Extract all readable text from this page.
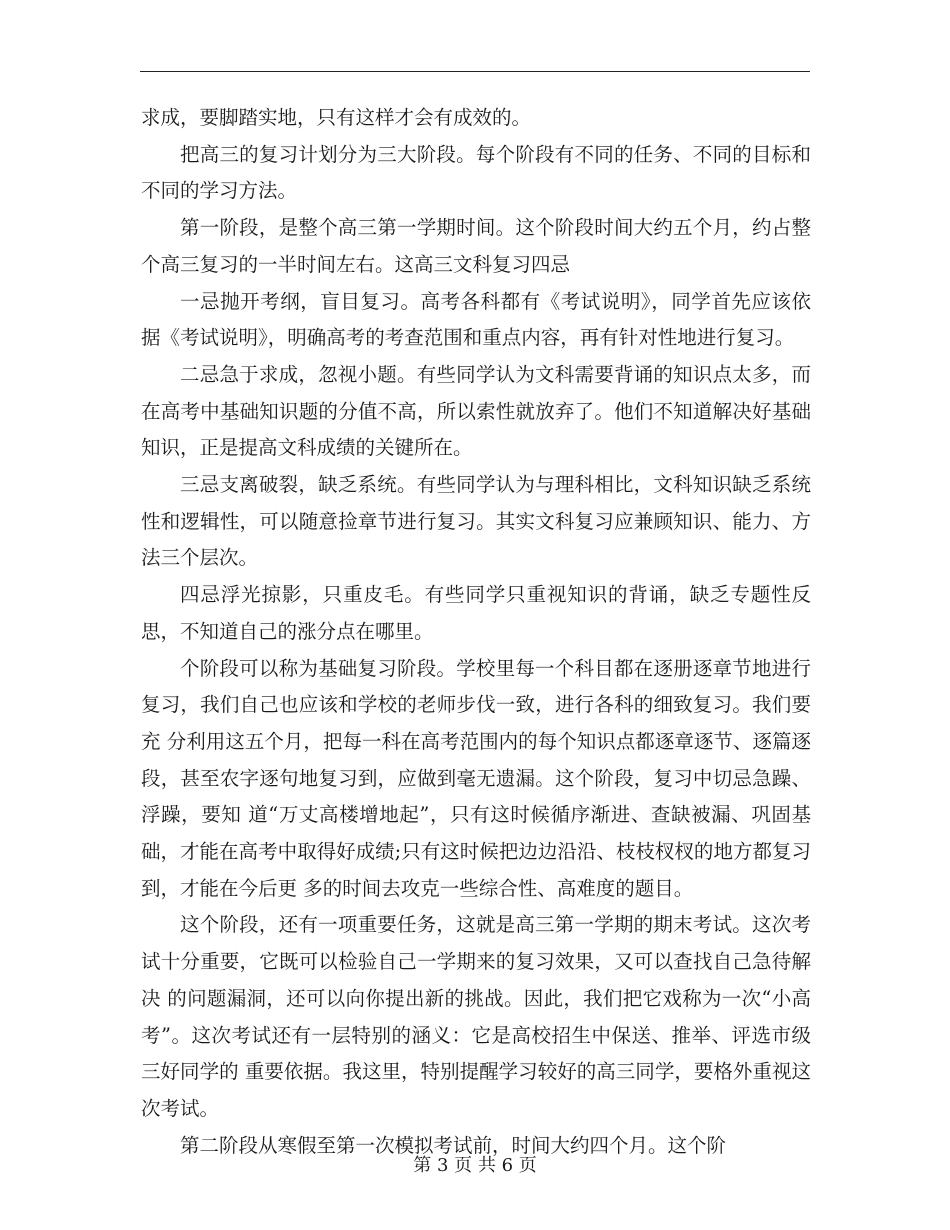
求成，要脚踏实地，只有这样才会有成效的。

把高三的复习计划分为三大阶段。每个阶段有不同的任务、不同的目标和不同的学习方法。

第一阶段，是整个高三第一学期时间。这个阶段时间大约五个月，约占整个高三复习的一半时间左右。这高三文科复习四忌

一忌抛开考纲，盲目复习。高考各科都有《考试说明》，同学首先应该依据《考试说明》，明确高考的考查范围和重点内容，再有针对性地进行复习。

二忌急于求成，忽视小题。有些同学认为文科需要背诵的知识点太多，而在高考中基础知识题的分值不高，所以索性就放弃了。他们不知道解决好基础知识，正是提高文科成绩的关键所在。

三忌支离破裂，缺乏系统。有些同学认为与理科相比，文科知识缺乏系统性和逻辑性，可以随意捡章节进行复习。其实文科复习应兼顾知识、能力、方法三个层次。

四忌浮光掠影，只重皮毛。有些同学只重视知识的背诵，缺乏专题性反思，不知道自己的涨分点在哪里。

个阶段可以称为基础复习阶段。学校里每一个科目都在逐册逐章节地进行复习，我们自己也应该和学校的老师步伐一致，进行各科的细致复习。我们要充 分利用这五个月，把每一科在高考范围内的每个知识点都逐章逐节、逐篇逐段，甚至农字逐句地复习到，应做到毫无遗漏。这个阶段，复习中切忌急躁、浮躁，要知 道“万丈高楼增地起”，只有这时候循序渐进、查缺被漏、巩固基础，才能在高考中取得好成绩;只有这时候把边边沿沿、枝枝杈杈的地方都复习到，才能在今后更 多的时间去攻克一些综合性、高难度的题目。

这个阶段，还有一项重要任务，这就是高三第一学期的期末考试。这次考试十分重要，它既可以检验自己一学期来的复习效果，又可以查找自己急待解决 的问题漏洞，还可以向你提出新的挑战。因此，我们把它戏称为一次“小高考”。这次考试还有一层特别的涵义：它是高校招生中保送、推举、评选市级三好同学的 重要依据。我这里，特别提醒学习较好的高三同学，要格外重视这次考试。

第二阶段从寒假至第一次模拟考试前，时间大约四个月。这个阶

第 3 页 共 6 页
